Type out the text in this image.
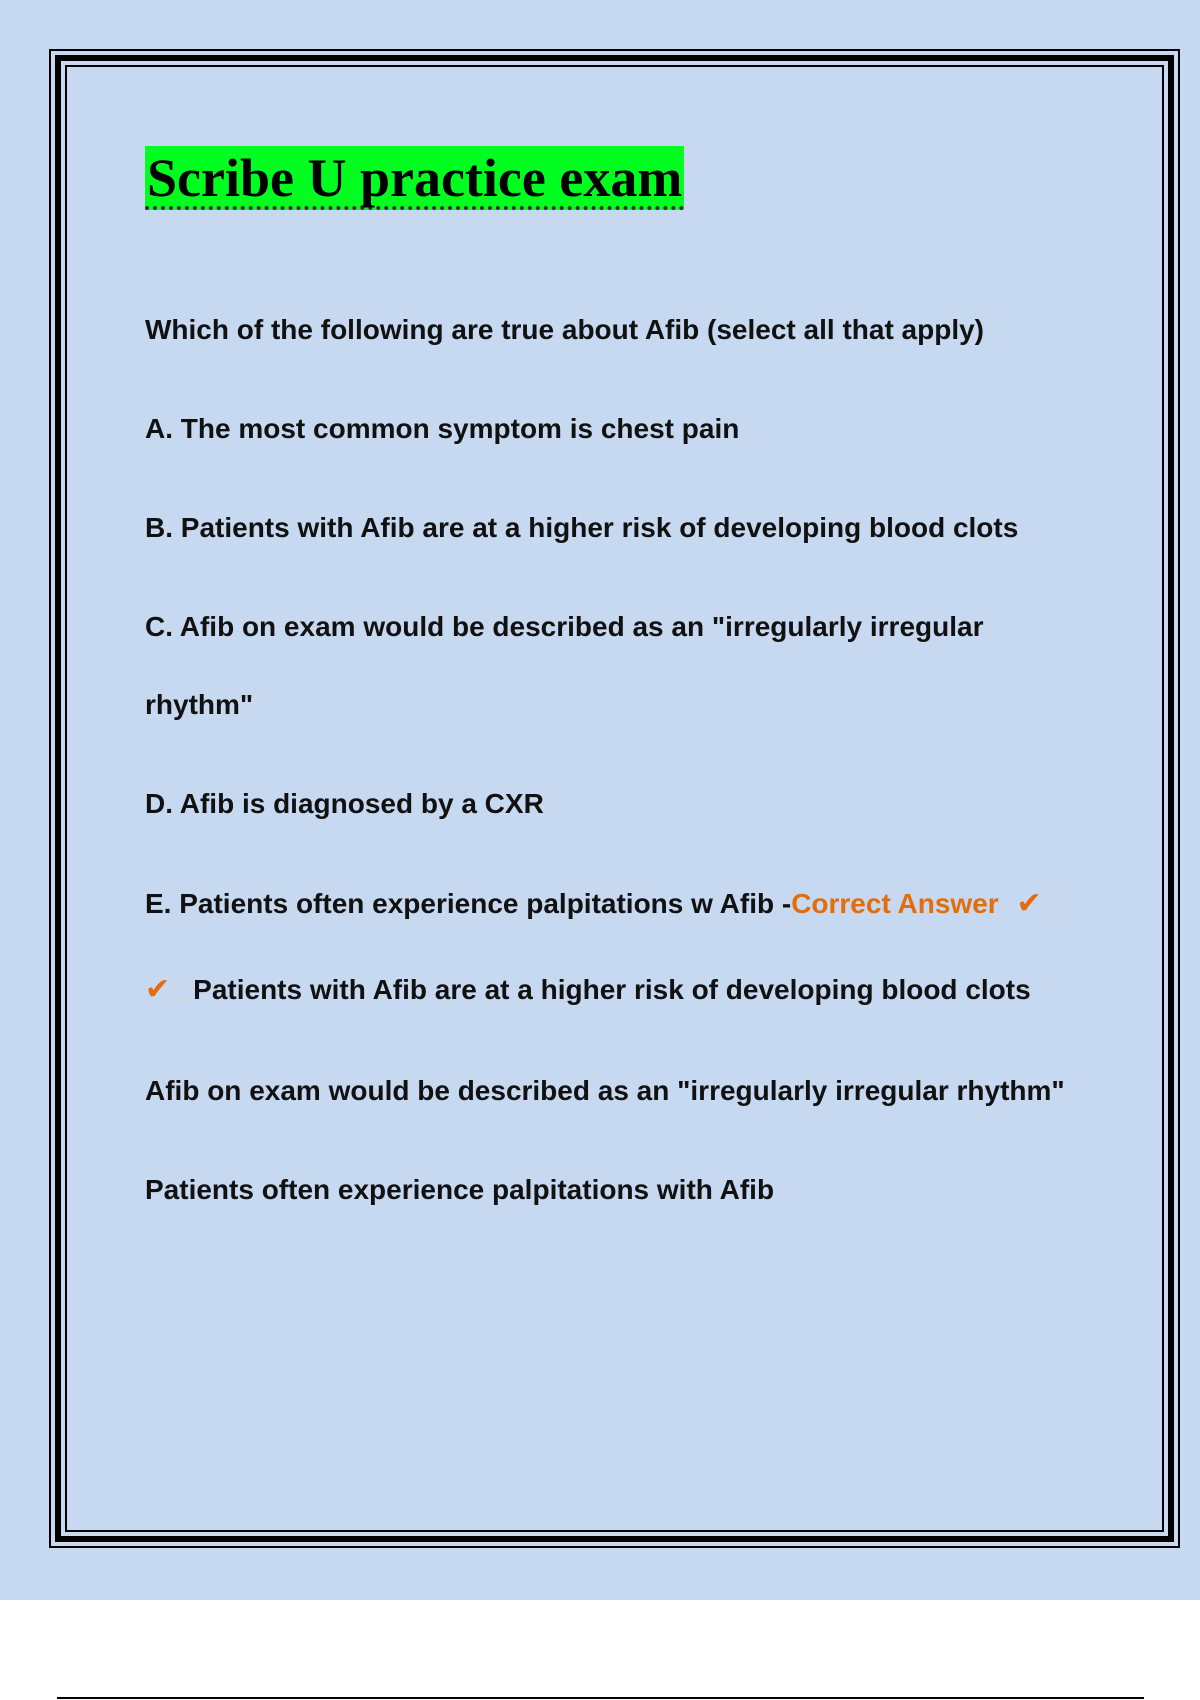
Scribe U practice exam
Which of the following are true about Afib (select all that apply)
A. The most common symptom is chest pain
B. Patients with Afib are at a higher risk of developing blood clots
C. Afib on exam would be described as an "irregularly irregular
rhythm"
D. Afib is diagnosed by a CXR
E. Patients often experience palpitations w Afib -Correct Answer ✔
✔ Patients with Afib are at a higher risk of developing blood clots
Afib on exam would be described as an "irregularly irregular rhythm"
Patients often experience palpitations with Afib
